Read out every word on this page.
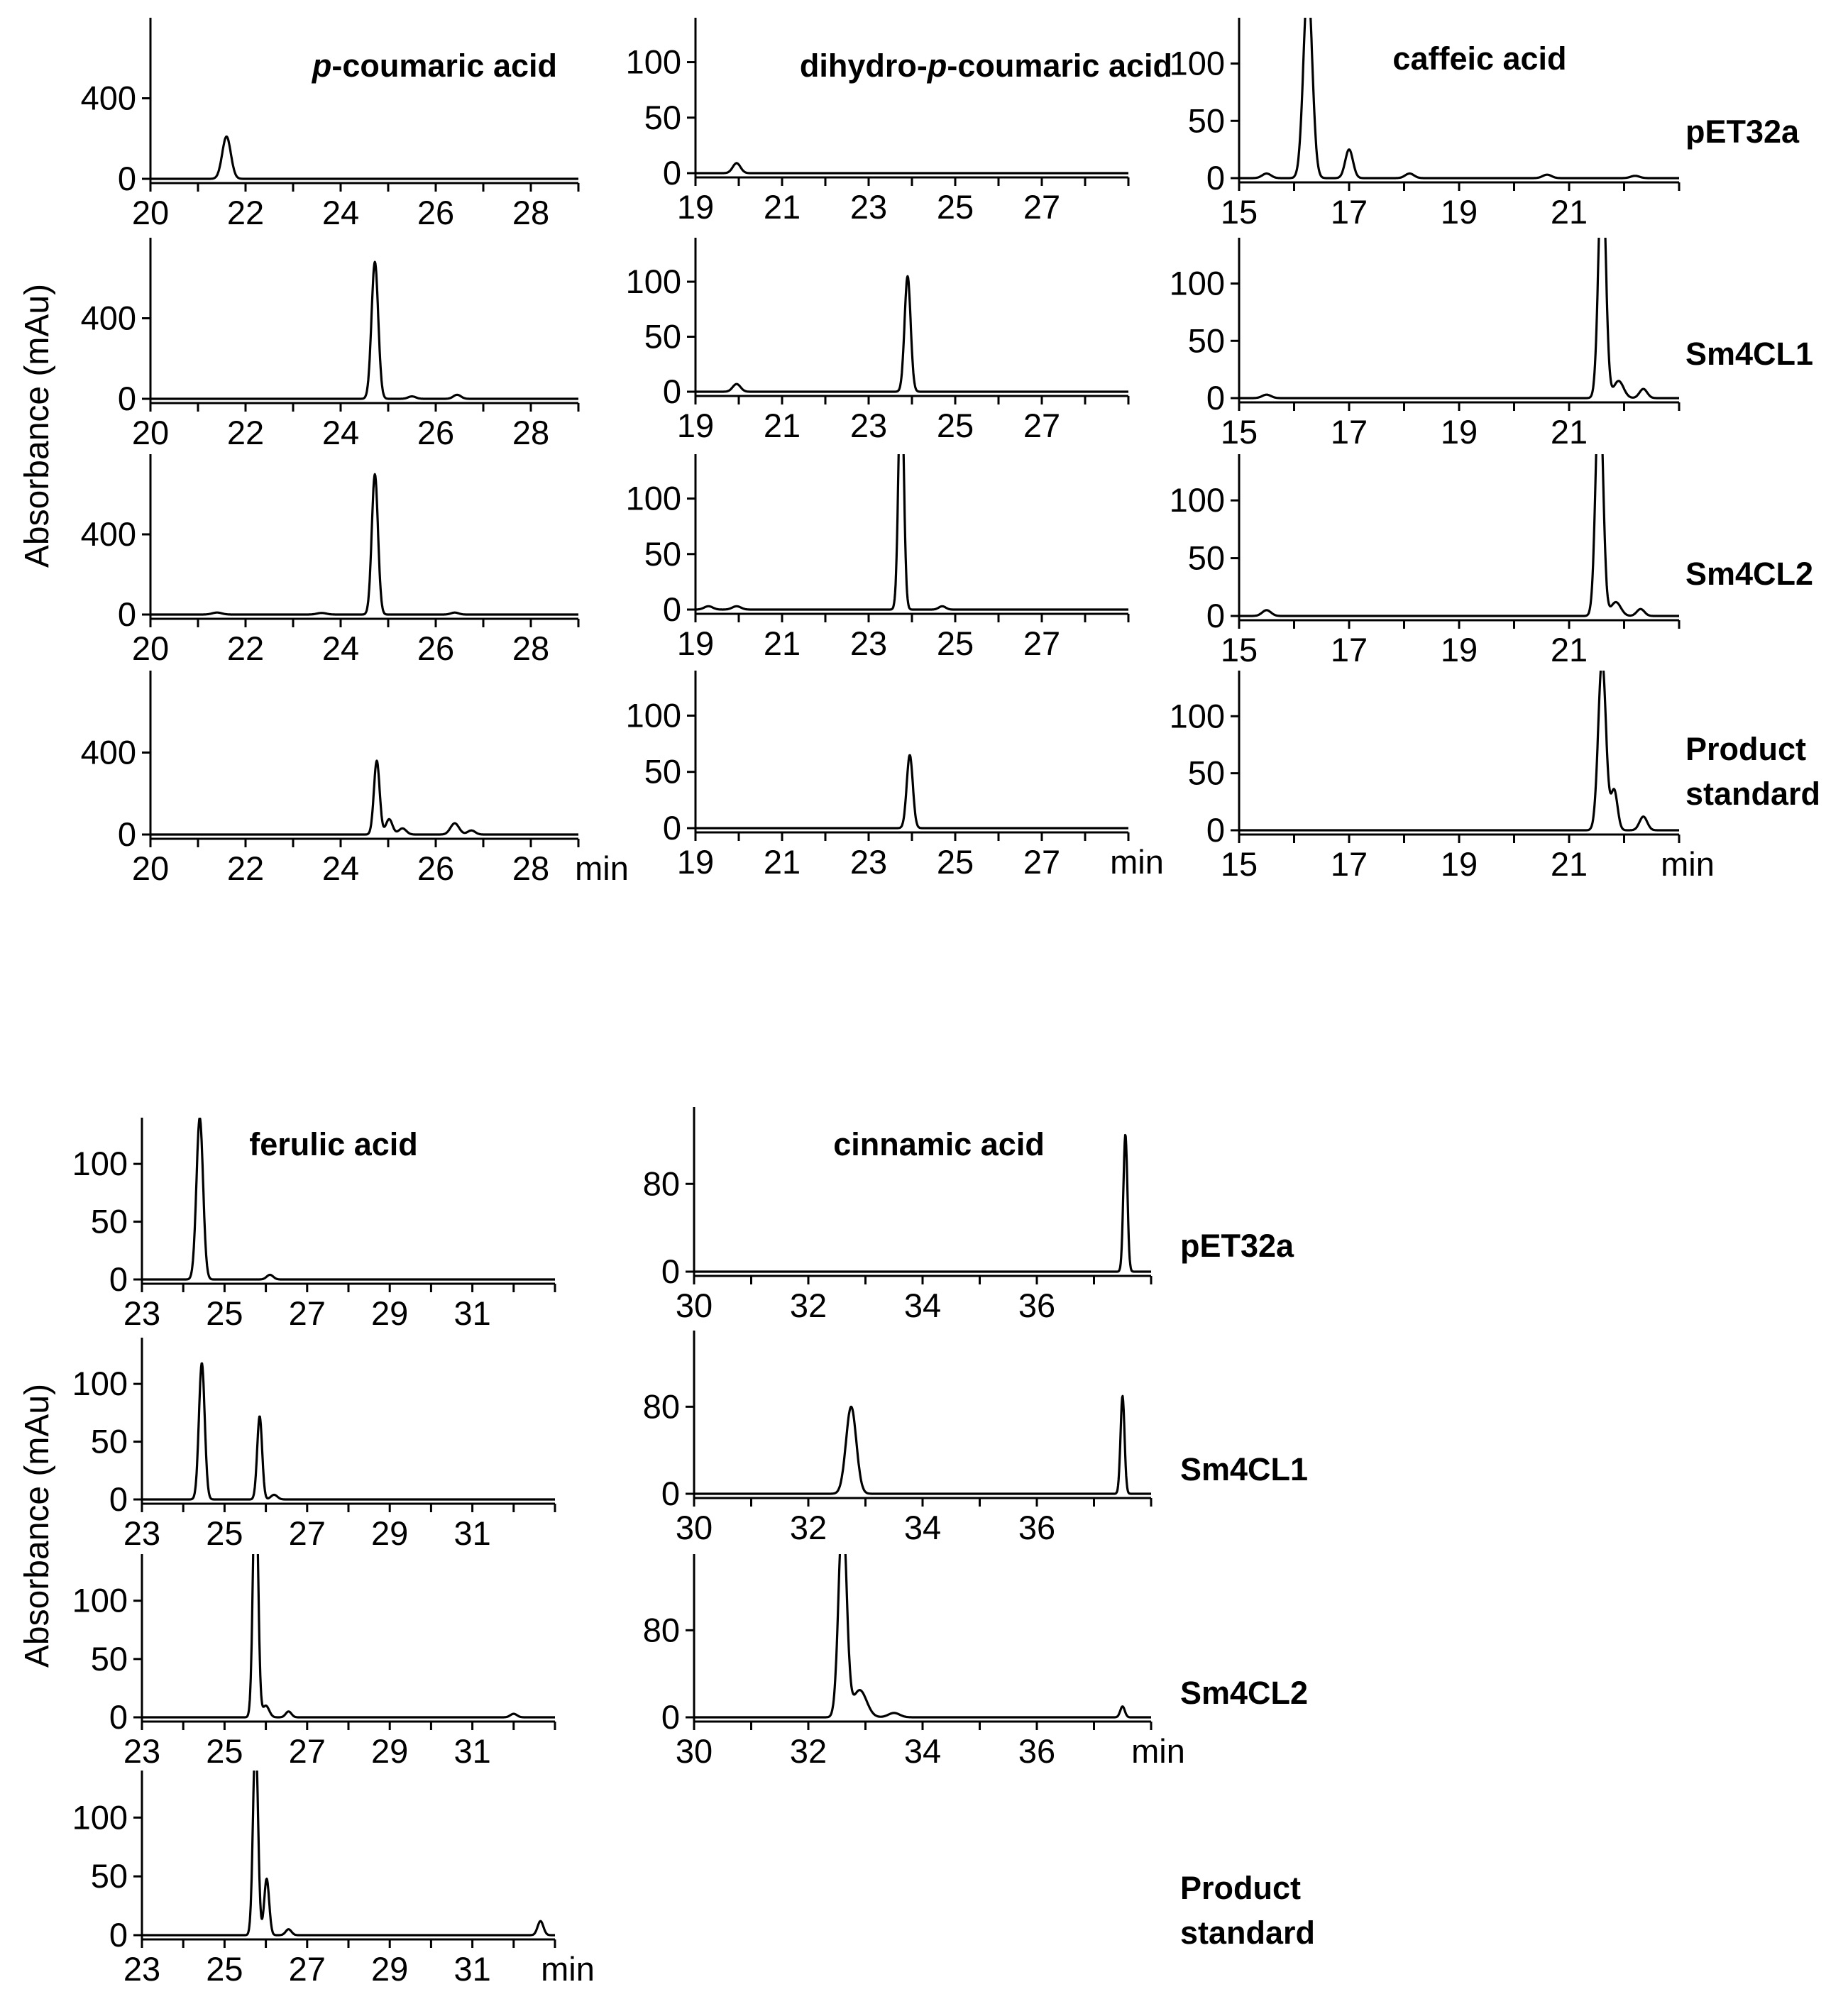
p-coumaric acid
0
400
20 22 24 26 28
0
400
20 22 24 26 28
0
400
20 22 24 26 28
0
400
20 22 24 26 28 min
dihydro-p-coumaric acid
0
50
100
19 21 23 25 27
0
50
100
19 21 23 25 27
0
50
100
19 21 23 25 27
0
50
100
19 21 23 25 27 min
caffeic acid
0
50
100
15 17 19 21
0
50
100
15 17 19 21
0
50
100
15 17 19 21
0
50
100
15 17 19 21 min
ferulic acid
0
50
100
23 25 27 29 31
0
50
100
23 25 27 29 31
0
50
100
23 25 27 29 31
0
50
100
23 25 27 29 31 min
cinnamic acid
0
80
30 32 34 36
0
80
30 32 34 36
0
80
30 32 34 36 min
pET32a
Sm4CL1
Sm4CL2
Product standard
pET32a
Sm4CL1
Sm4CL2
Product standard
Absorbance (mAu)
Absorbance (mAu)
